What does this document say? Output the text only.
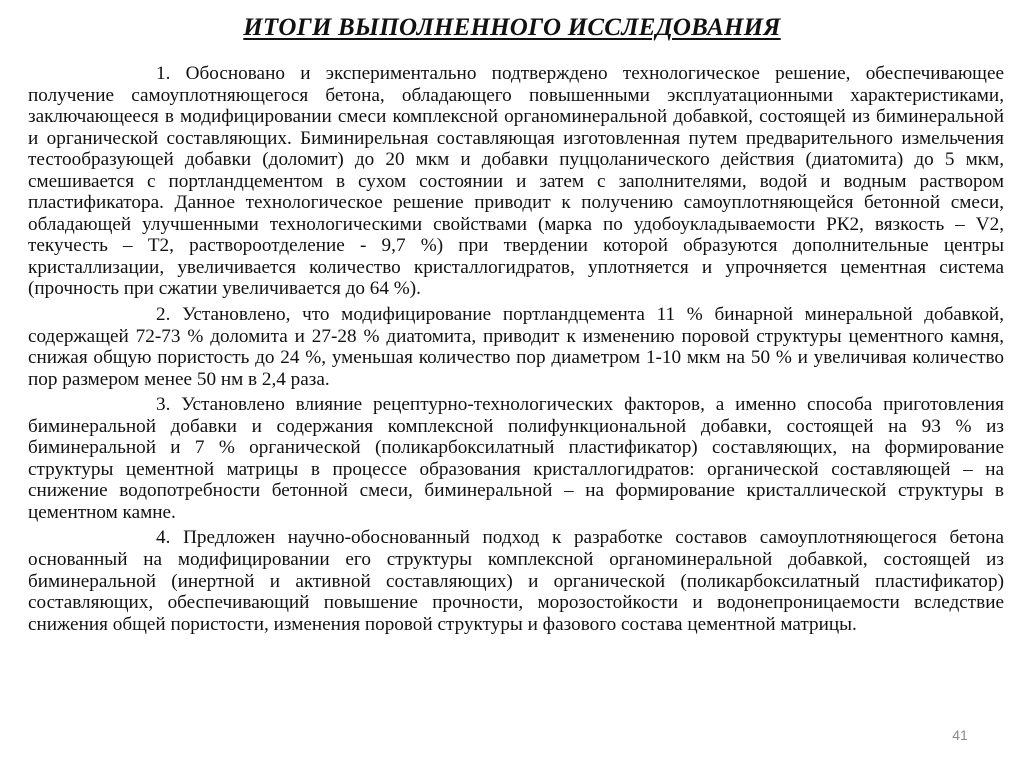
ИТОГИ ВЫПОЛНЕННОГО ИССЛЕДОВАНИЯ

1. Обосновано и экспериментально подтверждено технологическое решение, обеспечивающее получение самоуплотняющегося бетона, обладающего повышенными эксплуатационными характеристиками, заключающееся в модифицировании смеси комплексной органоминеральной добавкой, состоящей из биминеральной и органической составляющих. Биминирельная составляющая изготовленная путем предварительного измельчения тестообразующей добавки (доломит) до 20 мкм и добавки пуццоланического действия (диатомита) до 5 мкм, смешивается с портландцементом в сухом состоянии и затем с заполнителями, водой и водным раствором пластификатора. Данное технологическое решение приводит к получению самоуплотняющейся бетонной смеси, обладающей улучшенными технологическими свойствами (марка по удобоукладываемости РК2, вязкость – V2, текучесть – Т2, раствороотделение - 9,7 %) при твердении которой образуются дополнительные центры кристаллизации, увеличивается количество кристаллогидратов, уплотняется и упрочняется цементная система (прочность при сжатии увеличивается до 64 %).

2. Установлено, что модифицирование портландцемента 11 % бинарной минеральной добавкой, содержащей 72-73 % доломита и 27-28 % диатомита, приводит к изменению поровой структуры цементного камня, снижая общую пористость до 24 %, уменьшая количество пор диаметром 1-10 мкм на 50 % и увеличивая количество пор размером менее 50 нм в 2,4 раза.

3. Установлено влияние рецептурно-технологических факторов, а именно способа приготовления биминеральной добавки и содержания комплексной полифункциональной добавки, состоящей на 93 % из биминеральной и 7 % органической (поликарбоксилатный пластификатор) составляющих, на формирование структуры цементной матрицы в процессе образования кристаллогидратов: органической составляющей – на снижение водопотребности бетонной смеси, биминеральной – на формирование кристаллической структуры в цементном камне.

4. Предложен научно-обоснованный подход к разработке составов самоуплотняющегося бетона основанный на модифицировании его структуры комплексной органоминеральной добавкой, состоящей из биминеральной (инертной и активной составляющих) и органической (поликарбоксилатный пластификатор) составляющих, обеспечивающий повышение прочности, морозостойкости и водонепроницаемости вследствие снижения общей пористости, изменения поровой структуры и фазового состава цементной матрицы.

41
